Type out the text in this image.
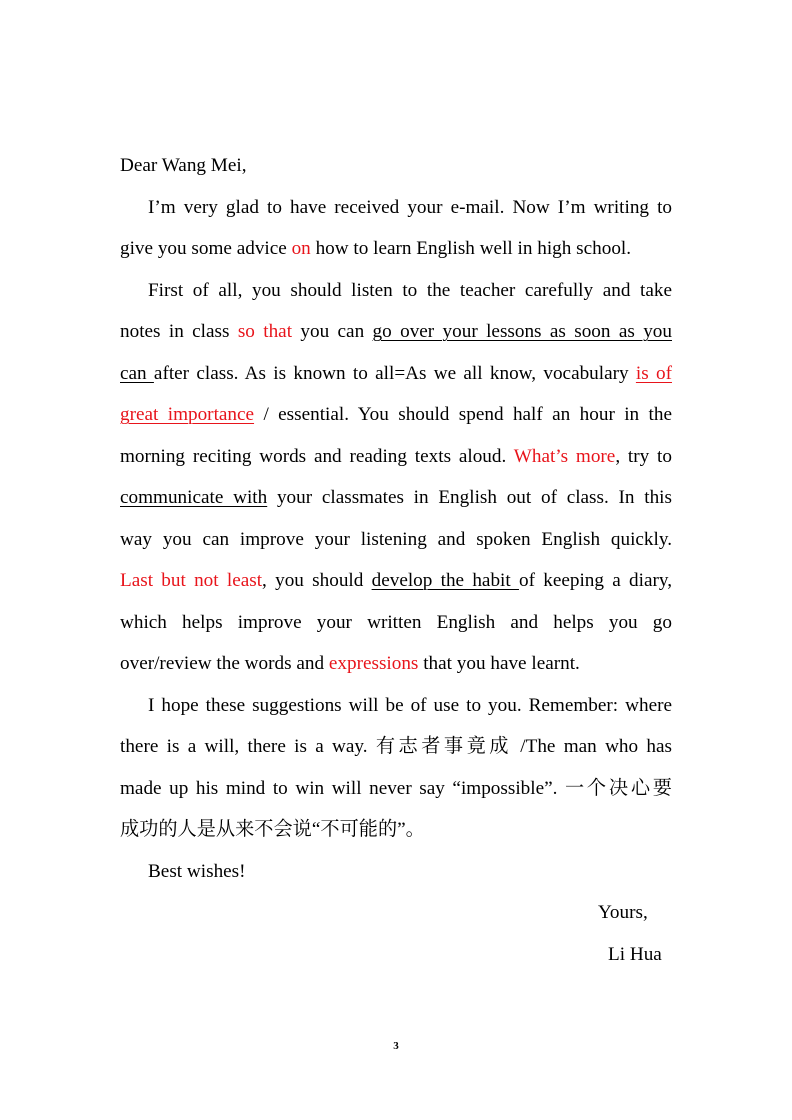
Dear Wang Mei,
I’m very glad to have received your e-mail. Now I’m writing to
give you some advice on how to learn English well in high school.
First of all, you should listen to the teacher carefully and take
notes in class so that you can go over your lessons as soon as you
can after class. As is known to all=As we all know, vocabulary is of
great importance / essential. You should spend half an hour in the
morning reciting words and reading texts aloud. What’s more, try to
communicate with your classmates in English out of class. In this
way you can improve your listening and spoken English quickly.
Last but not least, you should develop the habit of keeping a diary,
which helps improve your written English and helps you go
over/review the words and expressions that you have learnt.
I hope these suggestions will be of use to you. Remember: where
there is a will, there is a way. 有志者事竟成 /The man who has
made up his mind to win will never say “impossible”. 一个决心要
成功的人是从来不会说“不可能的”。
Best wishes!
Yours,
Li Hua
3
